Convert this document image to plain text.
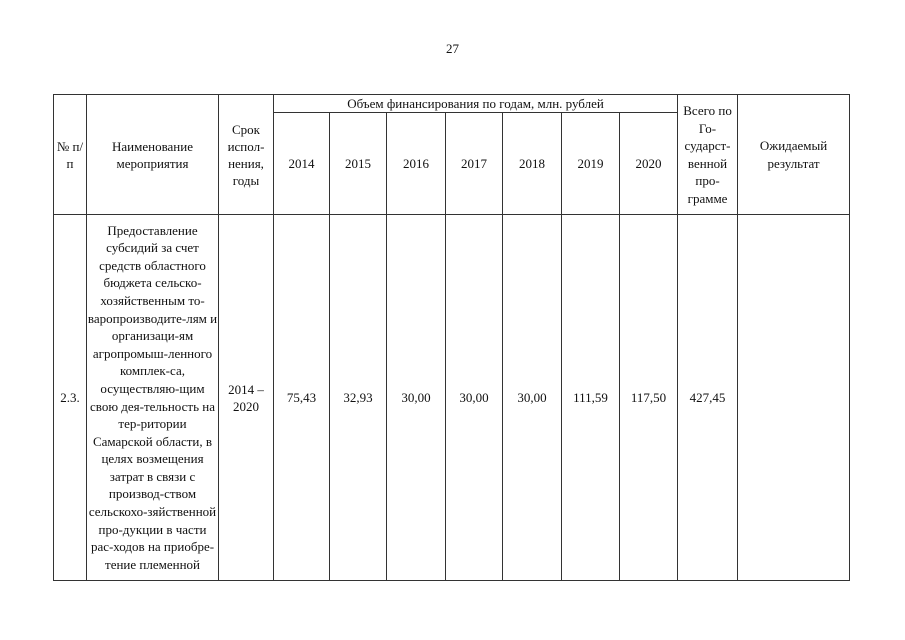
27
№ п/п	Наименование мероприятия	Срок испол-нения, годы	Объем финансирования по годам, млн. рублей							Всего по Го-сударст-венной про-грамме	Ожидаемый результат
			2014	2015	2016	2017	2018	2019	2020		
2.3.	Предоставление субсидий за счет средств областного бюджета сельско-хозяйственным то-варопроизводите-лям и организаци-ям агропромыш-ленного комплек-са, осуществляю-щим свою дея-тельность на тер-ритории Самарской области, в целях возмещения затрат в связи с производ-ством сельскохо-зяйственной про-дукции в части рас-ходов на приобре-тение племенной	2014 – 2020	75,43	32,93	30,00	30,00	30,00	111,59	117,50	427,45	
